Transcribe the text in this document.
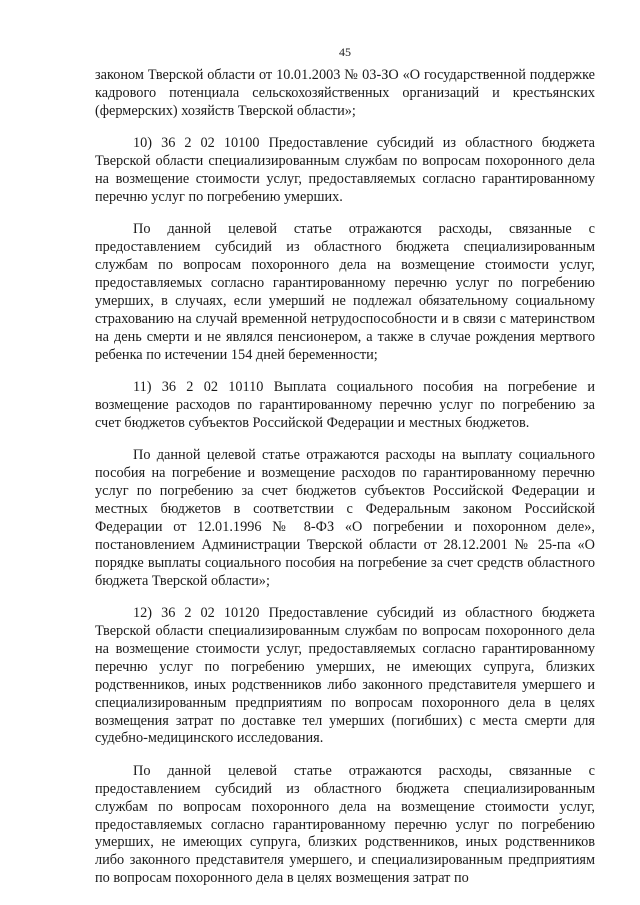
45

законом Тверской области от 10.01.2003 № 03-ЗО «О государственной поддержке кадрового потенциала сельскохозяйственных организаций и крестьянских (фермерских) хозяйств Тверской области»;

10) 36 2 02 10100 Предоставление субсидий из областного бюджета Тверской области специализированным службам по вопросам похоронного дела на возмещение стоимости услуг, предоставляемых согласно гарантированному перечню услуг по погребению умерших.

По данной целевой статье отражаются расходы, связанные с предоставлением субсидий из областного бюджета специализированным службам по вопросам похоронного дела на возмещение стоимости услуг, предоставляемых согласно гарантированному перечню услуг по погребению умерших, в случаях, если умерший не подлежал обязательному социальному страхованию на случай временной нетрудоспособности и в связи с материнством на день смерти и не являлся пенсионером, а также в случае рождения мертвого ребенка по истечении 154 дней беременности;

11) 36 2 02 10110 Выплата социального пособия на погребение и возмещение расходов по гарантированному перечню услуг по погребению за счет бюджетов субъектов Российской Федерации и местных бюджетов.

По данной целевой статье отражаются расходы на выплату социального пособия на погребение и возмещение расходов по гарантированному перечню услуг по погребению за счет бюджетов субъектов Российской Федерации и местных бюджетов в соответствии с Федеральным законом Российской Федерации от 12.01.1996 № 8-ФЗ «О погребении и похоронном деле», постановлением Администрации Тверской области от 28.12.2001 № 25-па «О порядке выплаты социального пособия на погребение за счет средств областного бюджета Тверской области»;

12) 36 2 02 10120 Предоставление субсидий из областного бюджета Тверской области специализированным службам по вопросам похоронного дела на возмещение стоимости услуг, предоставляемых согласно гарантированному перечню услуг по погребению умерших, не имеющих супруга, близких родственников, иных родственников либо законного представителя умершего и специализированным предприятиям по вопросам похоронного дела в целях возмещения затрат по доставке тел умерших (погибших) с места смерти для судебно-медицинского исследования.

По данной целевой статье отражаются расходы, связанные с предоставлением субсидий из областного бюджета специализированным службам по вопросам похоронного дела на возмещение стоимости услуг, предоставляемых согласно гарантированному перечню услуг по погребению умерших, не имеющих супруга, близких родственников, иных родственников либо законного представителя умершего, и специализированным предприятиям по вопросам похоронного дела в целях возмещения затрат по
